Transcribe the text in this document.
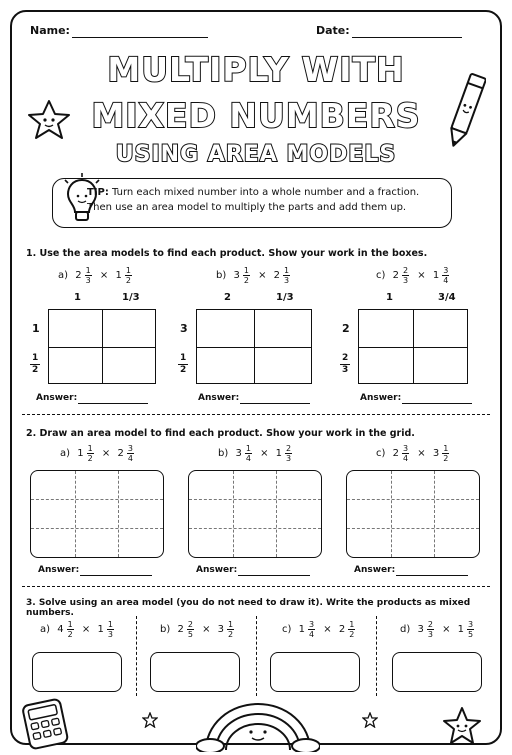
Name:	Date:
MULTIPLY WITH
MIXED NUMBERS
USING AREA MODELS
TIP: Turn each mixed number into a whole number and a fraction. Then use an area model to multiply the parts and add them up.
1. Use the area models to find each product. Show your work in the boxes.
a)
$2 \frac{1}{3}$
×
$1 \frac{1}{2}$
1	1/3
1
$\frac{1}{2}$
Answer:
b)
$3 \frac{1}{2}$
×
$2 \frac{1}{3}$
2	1/3
3
$\frac{1}{2}$
Answer:
c)
$2 \frac{2}{3}$
×
$1 \frac{3}{4}$
1	3/4
2
$\frac{2}{3}$
Answer:
2. Draw an area model to find each product. Show your work in the grid.
a)
$1 \frac{1}{2}$
×
$2 \frac{3}{4}$
Answer:
b)
$3 \frac{1}{4}$
×
$1 \frac{2}{3}$
Answer:
c)
$2 \frac{3}{4}$
×
$3 \frac{1}{2}$
Answer:
3. Solve using an area model (you do not need to draw it). Write the products as mixed numbers.
a)
$4 \frac{1}{2}$
×
$1 \frac{1}{3}$	b)
$2 \frac{2}{5}$
×
$3 \frac{1}{2}$	c)
$1 \frac{3}{4}$
×
$2 \frac{1}{2}$	d)
$3 \frac{2}{3}$
×
$1 \frac{3}{5}$
